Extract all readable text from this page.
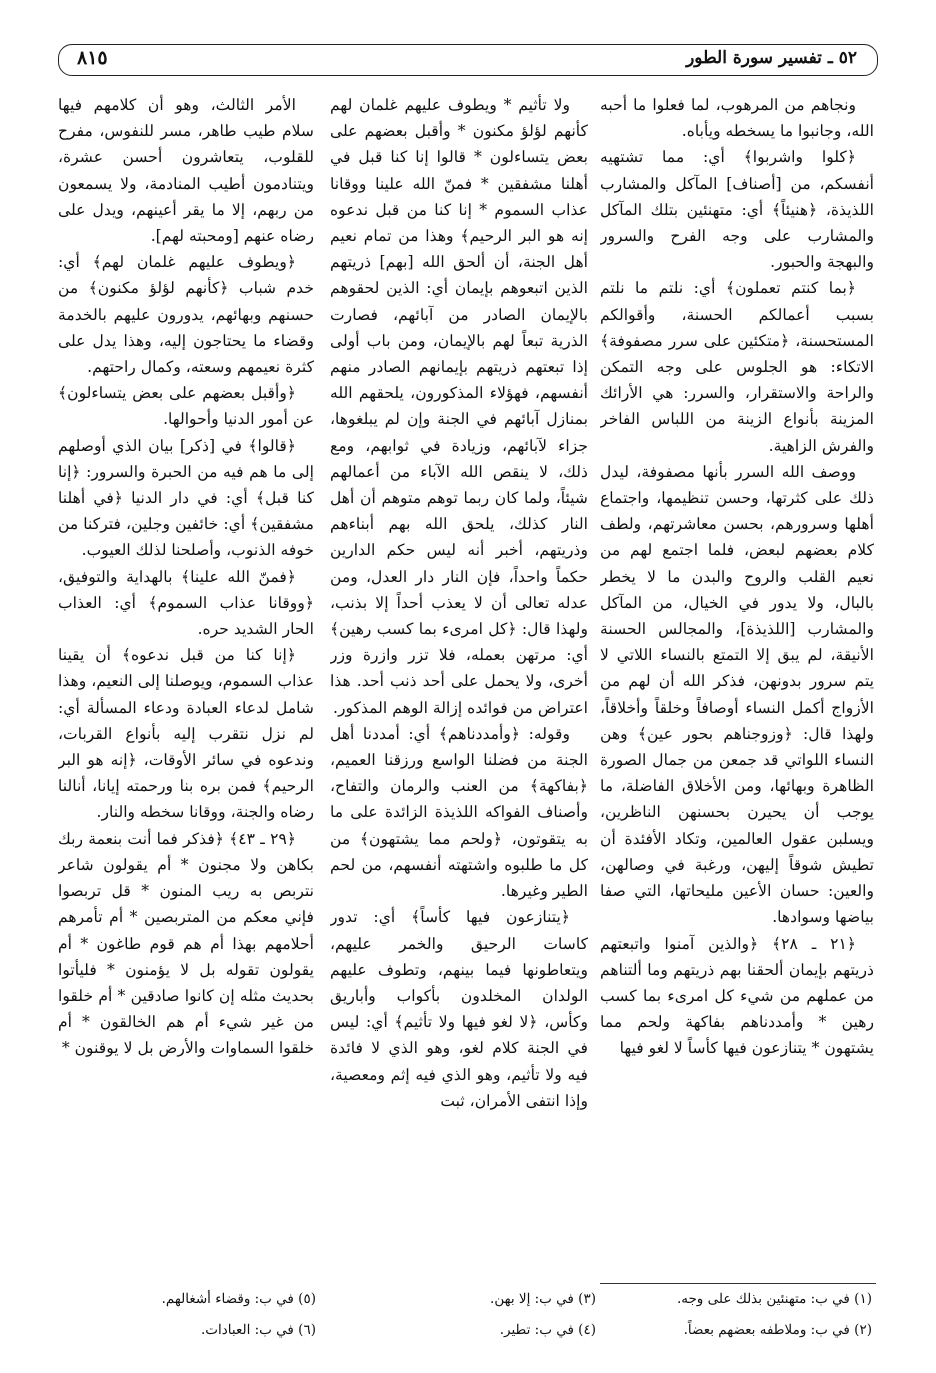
٥٢ ـ تفسير سورة الطور
٨١٥

ونجاهم من المرهوب، لما فعلوا ما أحبه الله، وجانبوا ما يسخطه ويأباه.

﴿كلوا واشربوا﴾ أي: مما تشتهيه أنفسكم، من [أصناف] المآكل والمشارب اللذيذة، ﴿هنيئاً﴾ أي: متهنئين بتلك المآكل والمشارب على وجه الفرح والسرور والبهجة والحبور.

﴿بما كنتم تعملون﴾ أي: نلتم ما نلتم بسبب أعمالكم الحسنة، وأقوالكم المستحسنة، ﴿متكئين على سرر مصفوفة﴾ الاتكاء: هو الجلوس على وجه التمكن والراحة والاستقرار، والسرر: هي الأرائك المزينة بأنواع الزينة من اللباس الفاخر والفرش الزاهية.

ووصف الله السرر بأنها مصفوفة، ليدل ذلك على كثرتها، وحسن تنظيمها، واجتماع أهلها وسرورهم، بحسن معاشرتهم، ولطف كلام بعضهم لبعض، فلما اجتمع لهم من نعيم القلب والروح والبدن ما لا يخطر بالبال، ولا يدور في الخيال، من المآكل والمشارب [اللذيذة]، والمجالس الحسنة الأنيقة، لم يبق إلا التمتع بالنساء اللاتي لا يتم سرور بدونهن، فذكر الله أن لهم من الأزواج أكمل النساء أوصافاً وخلقاً وأخلاقاً، ولهذا قال: ﴿وزوجناهم بحور عين﴾ وهن النساء اللواتي قد جمعن من جمال الصورة الظاهرة وبهائها، ومن الأخلاق الفاضلة، ما يوجب أن يحيرن بحسنهن الناظرين، ويسلبن عقول العالمين، وتكاد الأفئدة أن تطيش شوقاً إليهن، ورغبة في وصالهن، والعين: حسان الأعين مليحاتها، التي صفا بياضها وسوادها.

﴿٢١ ـ ٢٨﴾ ﴿والذين آمنوا واتبعتهم ذريتهم بإيمان ألحقنا بهم ذريتهم وما ألتناهم من عملهم من شيء كل امرىء بما كسب رهين * وأمددناهم بفاكهة ولحم مما يشتهون * يتنازعون فيها كأساً لا لغو فيها

ولا تأثيم * ويطوف عليهم غلمان لهم كأنهم لؤلؤ مكنون * وأقبل بعضهم على بعض يتساءلون * قالوا إنا كنا قبل في أهلنا مشفقين * فمنّ الله علينا ووقانا عذاب السموم * إنا كنا من قبل ندعوه إنه هو البر الرحيم﴾ وهذا من تمام نعيم أهل الجنة، أن ألحق الله [بهم] ذريتهم الذين اتبعوهم بإيمان أي: الذين لحقوهم بالإيمان الصادر من آبائهم، فصارت الذرية تبعاً لهم بالإيمان، ومن باب أولى إذا تبعتهم ذريتهم بإيمانهم الصادر منهم أنفسهم، فهؤلاء المذكورون، يلحقهم الله بمنازل آبائهم في الجنة وإن لم يبلغوها، جزاء لآبائهم، وزيادة في ثوابهم، ومع ذلك، لا ينقص الله الآباء من أعمالهم شيئاً، ولما كان ربما توهم متوهم أن أهل النار كذلك، يلحق الله بهم أبناءهم وذريتهم، أخبر أنه ليس حكم الدارين حكماً واحداً، فإن النار دار العدل، ومن عدله تعالى أن لا يعذب أحداً إلا بذنب، ولهذا قال: ﴿كل امرىء بما كسب رهين﴾ أي: مرتهن بعمله، فلا تزر وازرة وزر أخرى، ولا يحمل على أحد ذنب أحد. هذا اعتراض من فوائده إزالة الوهم المذكور.

وقوله: ﴿وأمددناهم﴾ أي: أمددنا أهل الجنة من فضلنا الواسع ورزقنا العميم، ﴿بفاكهة﴾ من العنب والرمان والتفاح، وأصناف الفواكه اللذيذة الزائدة على ما به يتقوتون، ﴿ولحم مما يشتهون﴾ من كل ما طلبوه واشتهته أنفسهم، من لحم الطير وغيرها.

﴿يتنازعون فيها كأساً﴾ أي: تدور كاسات الرحيق والخمر عليهم، ويتعاطونها فيما بينهم، وتطوف عليهم الولدان المخلدون بأكواب وأباريق وكأس، ﴿لا لغو فيها ولا تأثيم﴾ أي: ليس في الجنة كلام لغو، وهو الذي لا فائدة فيه ولا تأثيم، وهو الذي فيه إثم ومعصية، وإذا انتفى الأمران، ثبت

الأمر الثالث، وهو أن كلامهم فيها سلام طيب طاهر، مسر للنفوس، مفرح للقلوب، يتعاشرون أحسن عشرة، ويتنادمون أطيب المنادمة، ولا يسمعون من ربهم، إلا ما يقر أعينهم، ويدل على رضاه عنهم [ومحبته لهم].

﴿ويطوف عليهم غلمان لهم﴾ أي: خدم شباب ﴿كأنهم لؤلؤ مكنون﴾ من حسنهم وبهائهم، يدورون عليهم بالخدمة وقضاء ما يحتاجون إليه، وهذا يدل على كثرة نعيمهم وسعته، وكمال راحتهم.

﴿وأقبل بعضهم على بعض يتساءلون﴾ عن أمور الدنيا وأحوالها.

﴿قالوا﴾ في [ذكر] بيان الذي أوصلهم إلى ما هم فيه من الحبرة والسرور: ﴿إنا كنا قبل﴾ أي: في دار الدنيا ﴿في أهلنا مشفقين﴾ أي: خائفين وجلين، فتركنا من خوفه الذنوب، وأصلحنا لذلك العيوب.

﴿فمنّ الله علينا﴾ بالهداية والتوفيق، ﴿ووقانا عذاب السموم﴾ أي: العذاب الحار الشديد حره.

﴿إنا كنا من قبل ندعوه﴾ أن يقينا عذاب السموم، ويوصلنا إلى النعيم، وهذا شامل لدعاء العبادة ودعاء المسألة أي: لم نزل نتقرب إليه بأنواع القربات، وندعوه في سائر الأوقات، ﴿إنه هو البر الرحيم﴾ فمن بره بنا ورحمته إيانا، أنالنا رضاه والجنة، ووقانا سخطه والنار.

﴿٢٩ ـ ٤٣﴾ ﴿فذكر فما أنت بنعمة ربك بكاهن ولا مجنون * أم يقولون شاعر نتربص به ريب المنون * قل تربصوا فإني معكم من المتربصين * أم تأمرهم أحلامهم بهذا أم هم قوم طاغون * أم يقولون تقوله بل لا يؤمنون * فليأتوا بحديث مثله إن كانوا صادقين * أم خلقوا من غير شيء أم هم الخالقون * أم خلقوا السماوات والأرض بل لا يوقنون *

(١) في ب: متهنئين بذلك على وجه.
(٢) في ب: وملاطفه بعضهم بعضاً.
(٣) في ب: إلا بهن.
(٤) في ب: تطير.
(٥) في ب: وقضاء أشغالهم.
(٦) في ب: العبادات.
